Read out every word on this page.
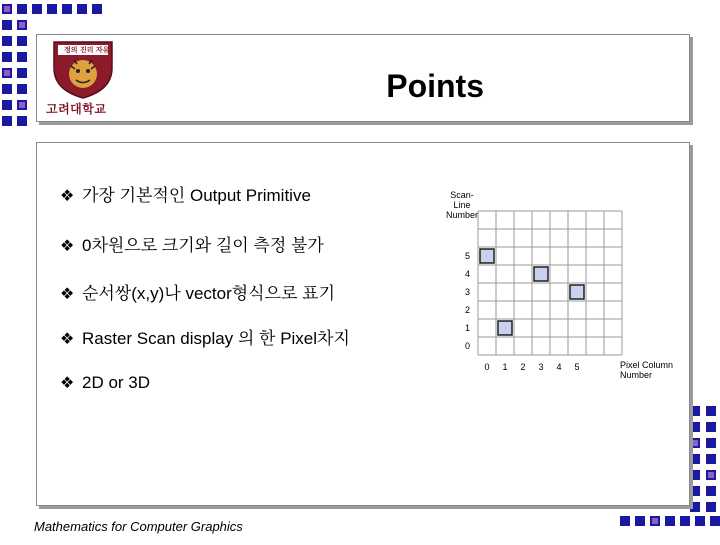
정의 진리 자유
고려대학교
Points
❖ 가장 기본적인 Output Primitive
❖ 0차원으로 크기와 길이 측정 불가
❖ 순서쌍(x,y)나 vector형식으로 표기
❖ Raster Scan display 의 한 Pixel차지
❖ 2D or 3D
0 1 2 3 4 5
0
1
2
3
4
5
Scan-
Line
Number
Pixel Column
Number
Mathematics for Computer Graphics
